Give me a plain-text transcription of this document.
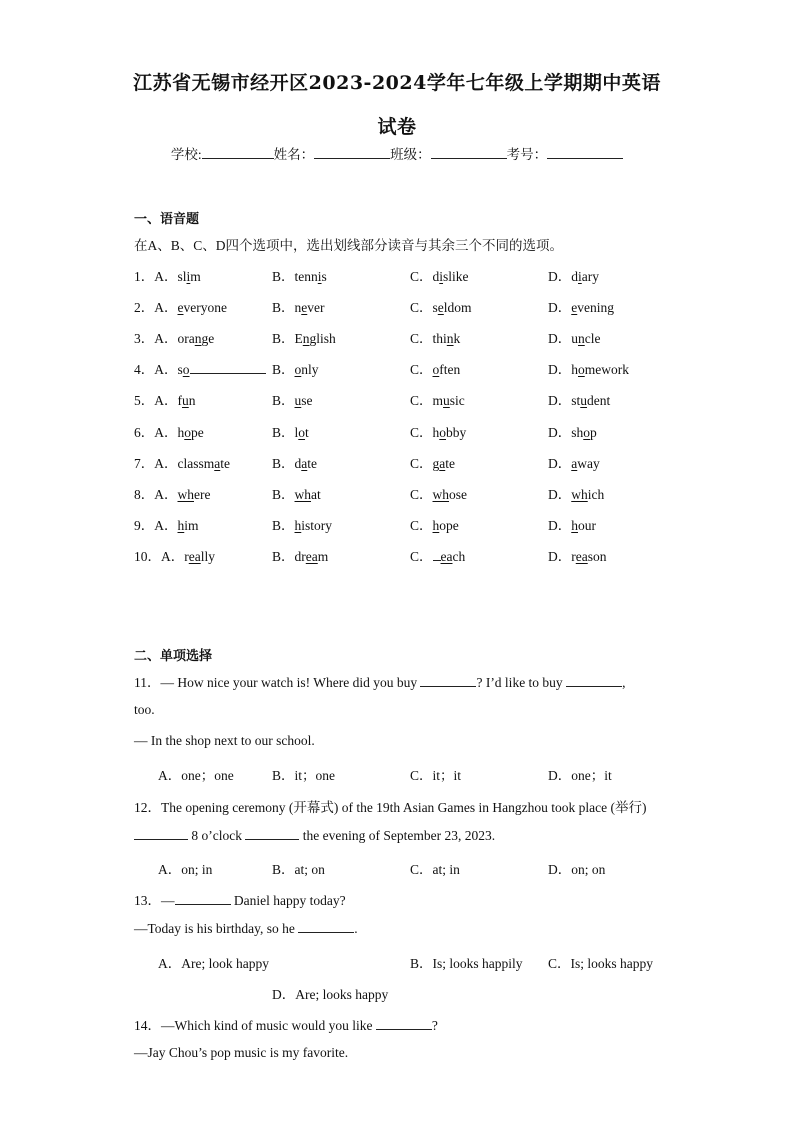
江苏省无锡市经开区2023-2024学年七年级上学期期中英语
试卷
学校:	姓名：	班级：	考号：
一、语音题
在A、B、C、D四个选项中，选出划线部分读音与其余三个不同的选项。
1．A．slim	B．tennis	C．dislike	D．diary
2．A．everyone	B．never	C．seldom	D．evening
3．A．orange	B．English	C．think	D．uncle
4．A．so	B．only	C．often	D．homework
5．A．fun	B．use	C．music	D．student
6．A．hope	B．lot	C．hobby	D．shop
7．A．classmate	B．date	C．gate	D．away
8．A．where	B．what	C．whose	D．which
9．A．him	B．history	C．hope	D．hour
10．A．really	B．dream	C． each	D．reason
二、单项选择
11．— How nice your watch is! Where did you buy	? I’d like to buy	,
too.
— In the shop next to our school.
A．one；one	B．it；one	C．it；it	D．one；it
12．The opening ceremony (开幕式) of the 19th Asian Games in Hangzhou took place (举行)
8 o’clock	the evening of September 23, 2023.
A．on; in	B．at; on	C．at; in	D．on; on
13．—	Daniel happy today?
—Today is his birthday, so he	.
A．Are; look happy	B．Is; looks happily C．Is; looks happy
D．Are; looks happy
14．—Which kind of music would you like	?
—Jay Chou’s pop music is my favorite.
